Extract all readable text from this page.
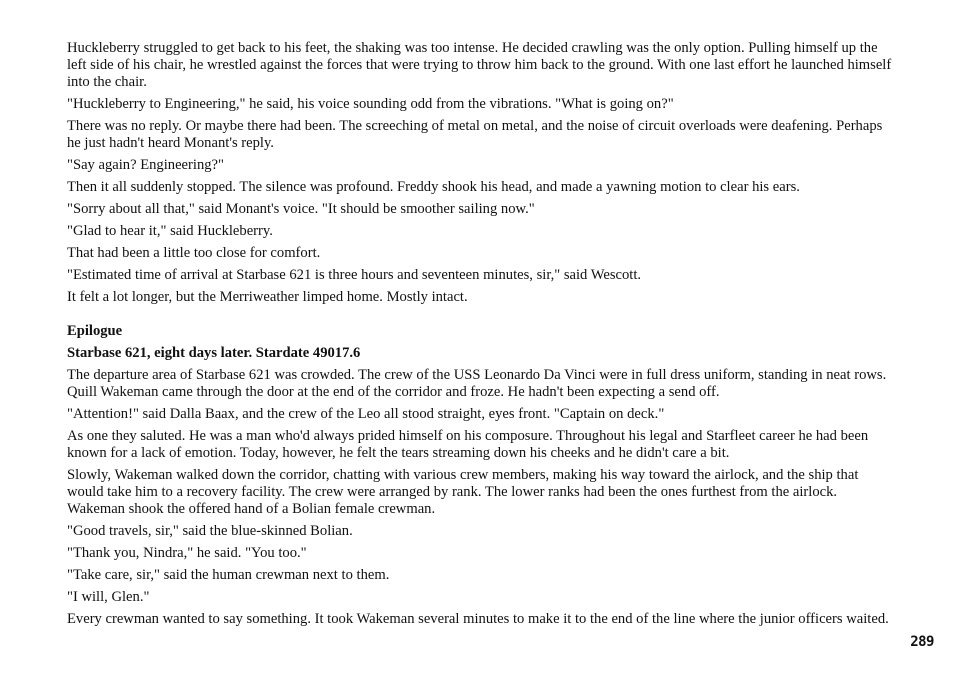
Huckleberry struggled to get back to his feet, the shaking was too intense. He decided crawling was the only option. Pulling himself up the left side of his chair, he wrestled against the forces that were trying to throw him back to the ground. With one last effort he launched himself into the chair.

"Huckleberry to Engineering," he said, his voice sounding odd from the vibrations. "What is going on?"

There was no reply. Or maybe there had been. The screeching of metal on metal, and the noise of circuit overloads were deafening. Perhaps he just hadn't heard Monant's reply.

"Say again? Engineering?"

Then it all suddenly stopped. The silence was profound. Freddy shook his head, and made a yawning motion to clear his ears.

"Sorry about all that," said Monant's voice. "It should be smoother sailing now."

"Glad to hear it," said Huckleberry.

That had been a little too close for comfort.

"Estimated time of arrival at Starbase 621 is three hours and seventeen minutes, sir," said Wescott.

It felt a lot longer, but the Merriweather limped home. Mostly intact.

Epilogue

Starbase 621, eight days later. Stardate 49017.6

The departure area of Starbase 621 was crowded. The crew of the USS Leonardo Da Vinci were in full dress uniform, standing in neat rows. Quill Wakeman came through the door at the end of the corridor and froze. He hadn't been expecting a send off.

"Attention!" said Dalla Baax, and the crew of the Leo all stood straight, eyes front. "Captain on deck."

As one they saluted. He was a man who'd always prided himself on his composure. Throughout his legal and Starfleet career he had been known for a lack of emotion. Today, however, he felt the tears streaming down his cheeks and he didn't care a bit.

Slowly, Wakeman walked down the corridor, chatting with various crew members, making his way toward the airlock, and the ship that would take him to a recovery facility. The crew were arranged by rank. The lower ranks had been the ones furthest from the airlock. Wakeman shook the offered hand of a Bolian female crewman.

"Good travels, sir," said the blue-skinned Bolian.

"Thank you, Nindra," he said. "You too."

"Take care, sir," said the human crewman next to them.

"I will, Glen."

Every crewman wanted to say something. It took Wakeman several minutes to make it to the end of the line where the junior officers waited.

289
